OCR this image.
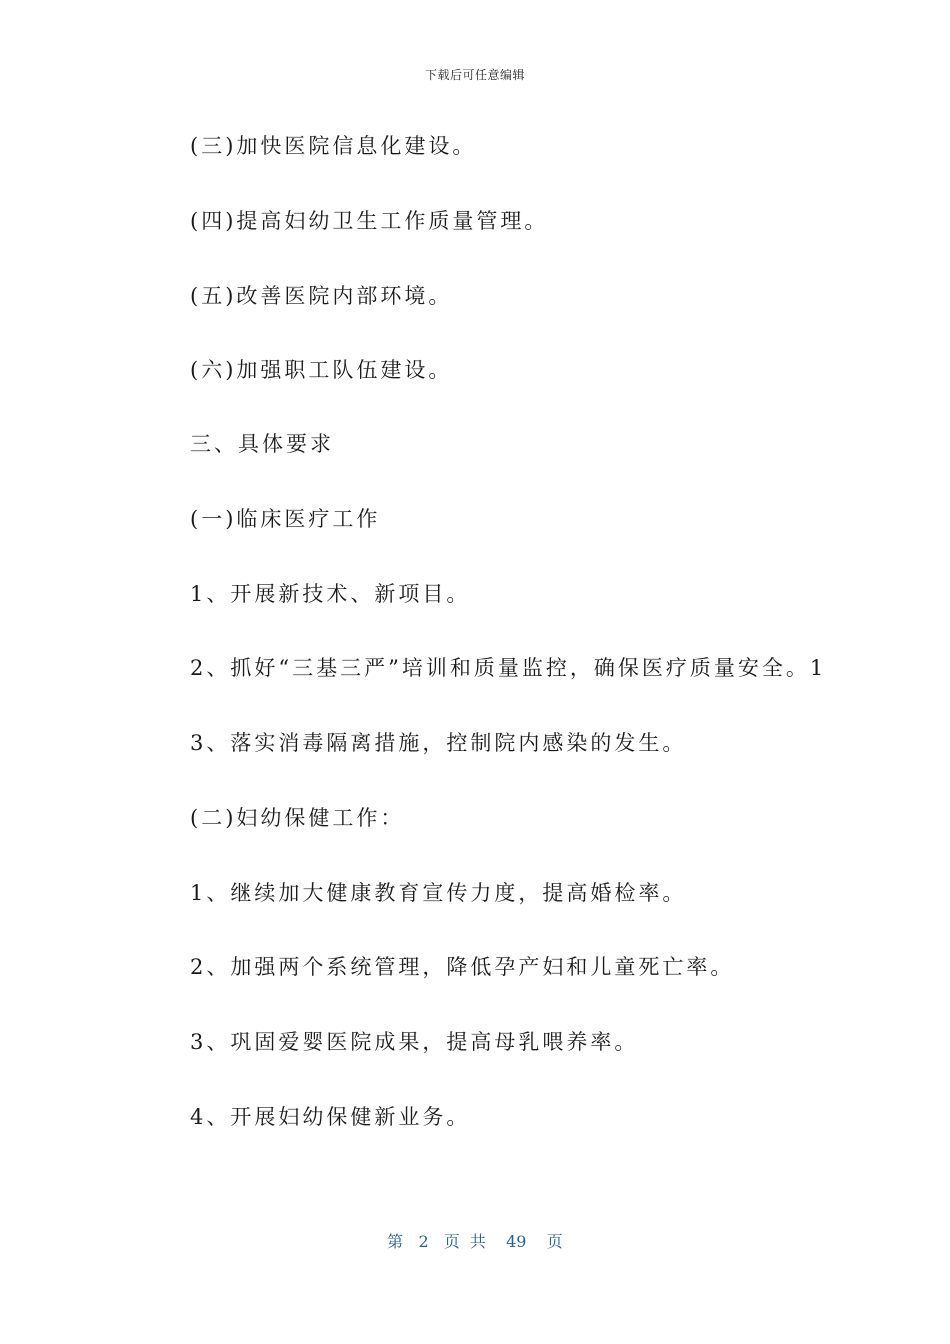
下载后可任意编辑
(三)加快医院信息化建设。
(四)提高妇幼卫生工作质量管理。
(五)改善医院内部环境。
(六)加强职工队伍建设。
三、具体要求
(一)临床医疗工作
1、开展新技术、新项目。
2、抓好“三基三严”培训和质量监控，确保医疗质量安全。1
3、落实消毒隔离措施，控制院内感染的发生。
(二)妇幼保健工作：
1、继续加大健康教育宣传力度，提高婚检率。
2、加强两个系统管理，降低孕产妇和儿童死亡率。
3、巩固爱婴医院成果，提高母乳喂养率。
4、开展妇幼保健新业务。
第 2 页共 49 页
